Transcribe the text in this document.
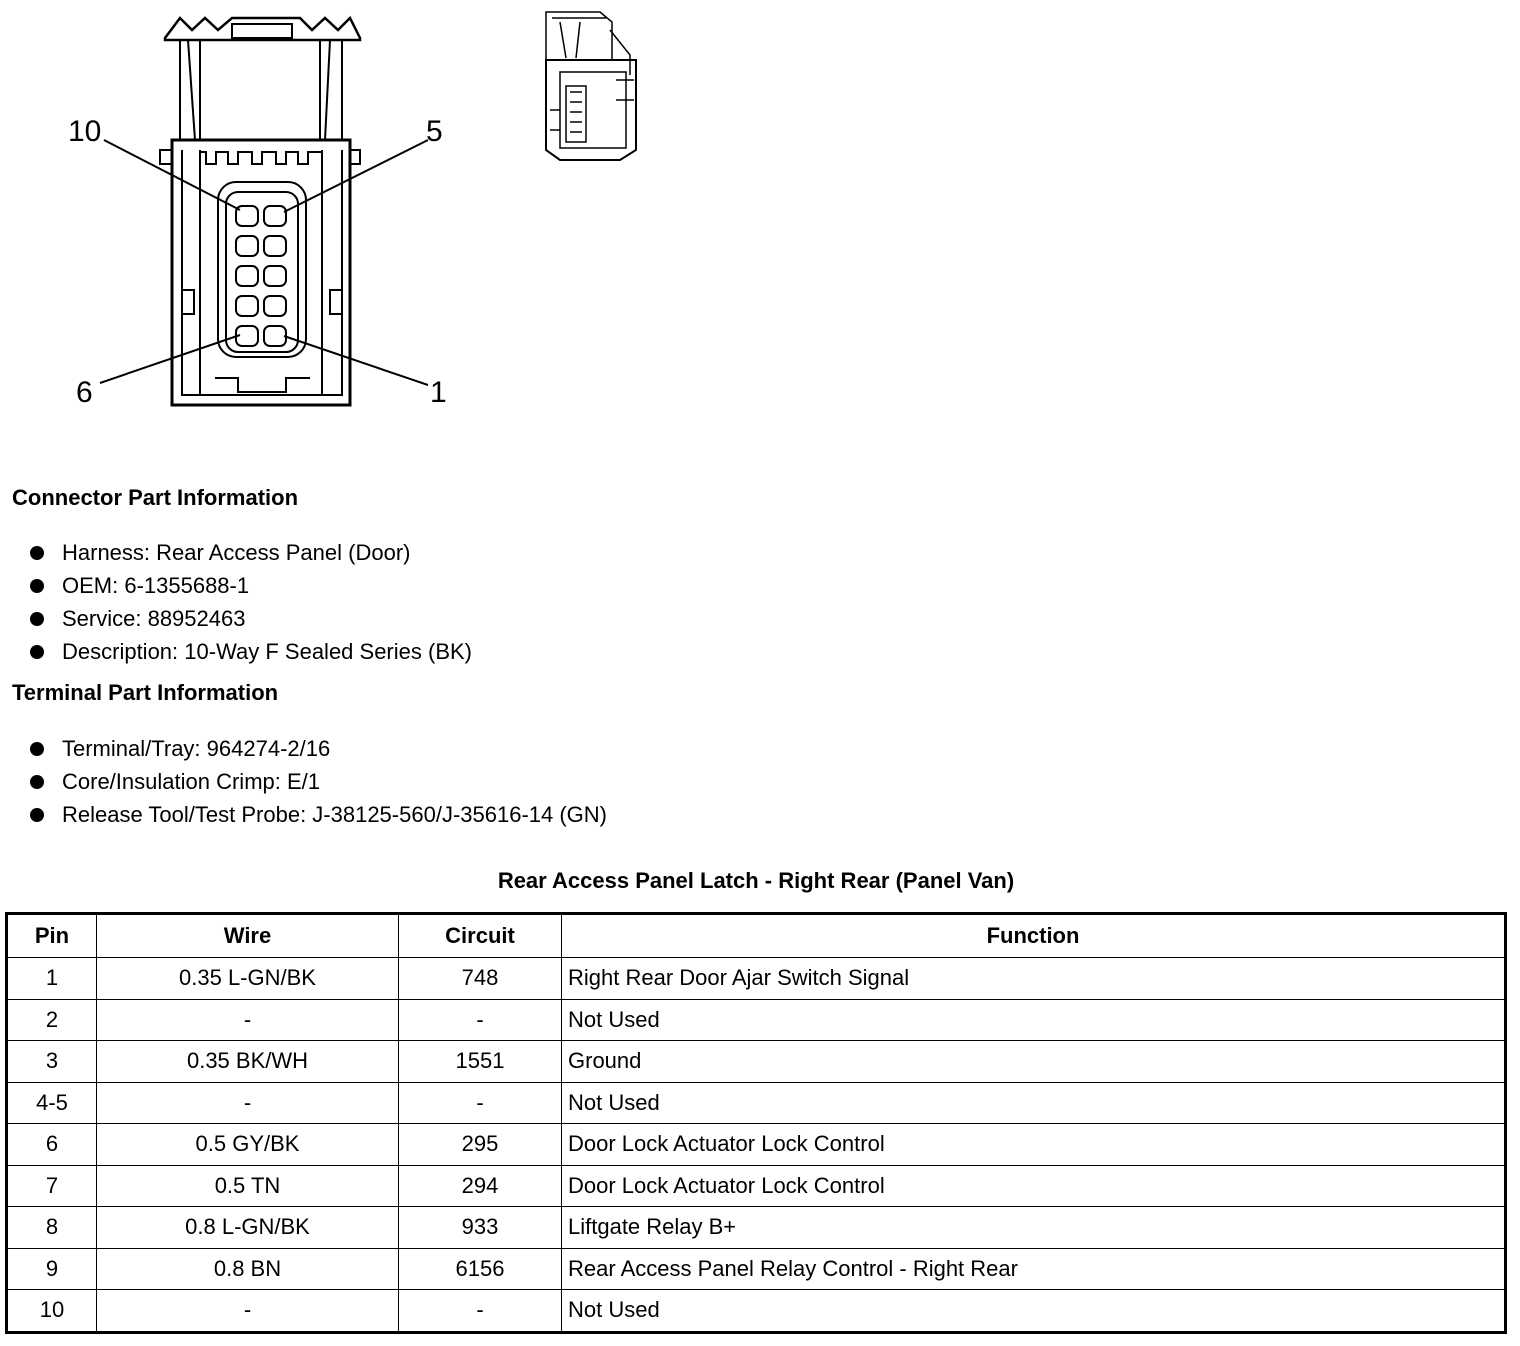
10	5
6	1
Connector Part Information
Harness: Rear Access Panel (Door)
OEM: 6-1355688-1
Service: 88952463
Description: 10-Way F Sealed Series (BK)
Terminal Part Information
Terminal/Tray: 964274-2/16
Core/Insulation Crimp: E/1
Release Tool/Test Probe: J-38125-560/J-35616-14 (GN)
Rear Access Panel Latch - Right Rear (Panel Van)
Pin	Wire	Circuit	Function
1	0.35 L-GN/BK	748	Right Rear Door Ajar Switch Signal
2	-	-	Not Used
3	0.35 BK/WH	1551	Ground
4-5	-	-	Not Used
6	0.5 GY/BK	295	Door Lock Actuator Lock Control
7	0.5 TN	294	Door Lock Actuator Lock Control
8	0.8 L-GN/BK	933	Liftgate Relay B+
9	0.8 BN	6156	Rear Access Panel Relay Control - Right Rear
10	-	-	Not Used
